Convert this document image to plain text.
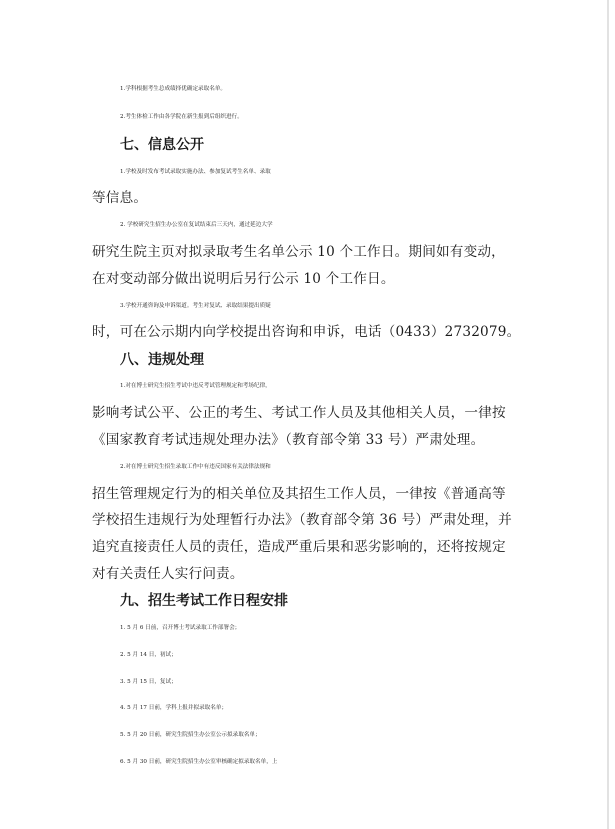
1.学科根据考生总成绩择优确定录取名单。
2.考生体检工作由各学院在新生报到后组织进行。
七、信息公开
1.学校及时发布考试录取实施办法、参加复试考生名单、录取
等信息。
2. 学校研究生招生办公室在复试结束后三天内，通过延边大学
研究生院主页对拟录取考生名单公示 10 个工作日。期间如有变动，
在对变动部分做出说明后另行公示 10 个工作日。
3.学校开通咨询及申诉渠道。考生对复试、录取结果提出质疑
时，可在公示期内向学校提出咨询和申诉，电话（0433）2732079。
八、违规处理
1.对在博士研究生招生考试中违反考试管理规定和考场纪律，
影响考试公平、公正的考生、考试工作人员及其他相关人员，一律按
《国家教育考试违规处理办法》（教育部令第 33 号）严肃处理。
2.对在博士研究生招生录取工作中有违反国家有关法律法规和
招生管理规定行为的相关单位及其招生工作人员，一律按《普通高等
学校招生违规行为处理暂行办法》（教育部令第 36 号）严肃处理，并
追究直接责任人员的责任，造成严重后果和恶劣影响的，还将按规定
对有关责任人实行问责。
九、招生考试工作日程安排
1. 5 月 6 日前，召开博士考试录取工作部署会；
2. 5 月 14 日，初试；
3. 5 月 15 日，复试；
4. 5 月 17 日前，学科上报并拟录取名单；
5. 5 月 20 日前，研究生院招生办公室公示拟录取名单；
6. 5 月 30 日前，研究生院招生办公室审核确定拟录取名单，上
